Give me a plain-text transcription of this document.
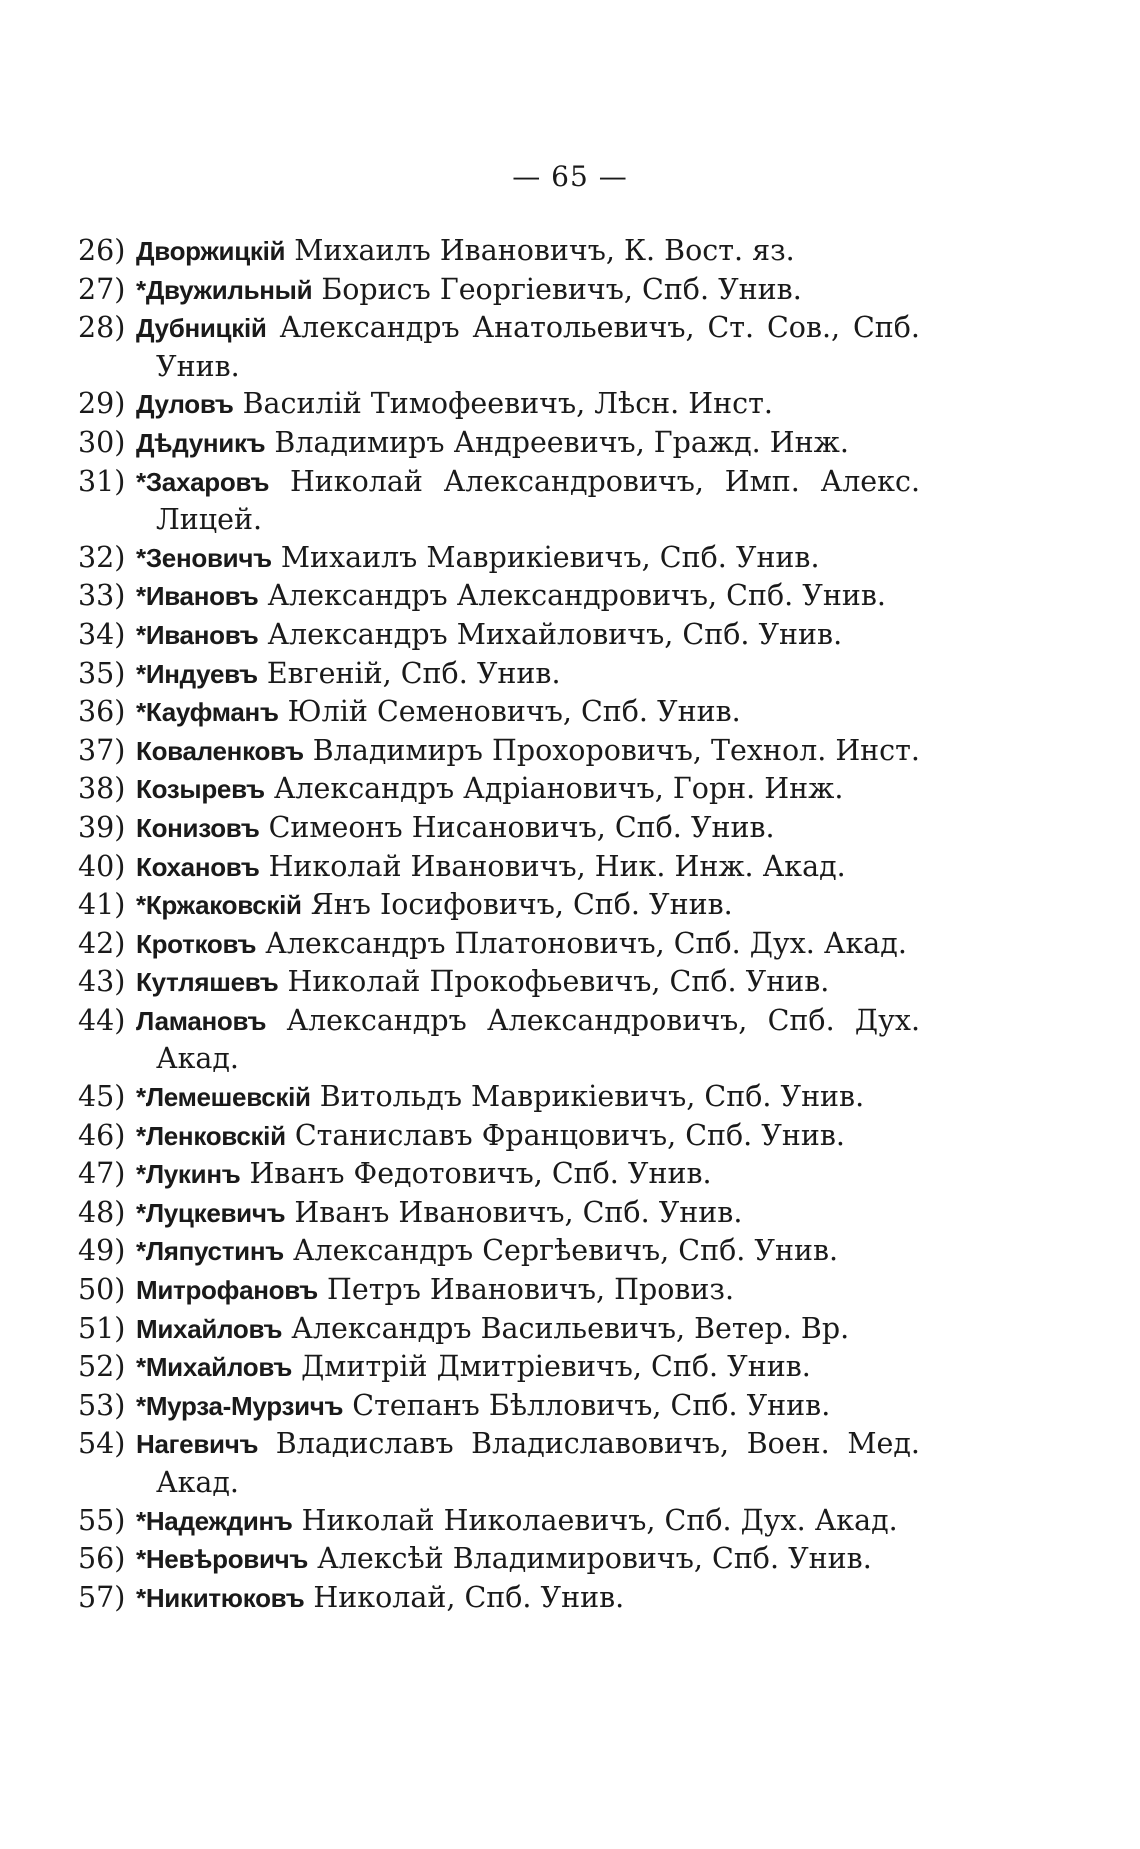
— 65 —
26) Дворжицкій Михаилъ Ивановичъ, К. Вост. яз.
27) *Двужильный Борисъ Георгіевичъ, Спб. Унив.
28) Дубницкій Александръ Анатольевичъ, Ст. Сов., Спб. Унив.
29) Дуловъ Василій Тимофеевичъ, Лѣсн. Инст.
30) Дѣдуникъ Владимиръ Андреевичъ, Гражд. Инж.
31) *Захаровъ Николай Александровичъ, Имп. Алекс. Лицей.
32) *Зеновичъ Михаилъ Маврикіевичъ, Спб. Унив.
33) *Ивановъ Александръ Александровичъ, Спб. Унив.
34) *Ивановъ Александръ Михайловичъ, Спб. Унив.
35) *Индуевъ Евгеній, Спб. Унив.
36) *Кауфманъ Юлій Семеновичъ, Спб. Унив.
37) Коваленковъ Владимиръ Прохоровичъ, Технол. Инст.
38) Козыревъ Александръ Адріановичъ, Горн. Инж.
39) Конизовъ Симеонъ Нисановичъ, Спб. Унив.
40) Кохановъ Николай Ивановичъ, Ник. Инж. Акад.
41) *Кржаковскій Янъ Іосифовичъ, Спб. Унив.
42) Кротковъ Александръ Платоновичъ, Спб. Дух. Акад.
43) Кутляшевъ Николай Прокофьевичъ, Спб. Унив.
44) Ламановъ Александръ Александровичъ, Спб. Дух. Акад.
45) *Лемешевскій Витольдъ Маврикіевичъ, Спб. Унив.
46) *Ленковскій Станиславъ Францовичъ, Спб. Унив.
47) *Лукинъ Иванъ Федотовичъ, Спб. Унив.
48) *Луцкевичъ Иванъ Ивановичъ, Спб. Унив.
49) *Ляпустинъ Александръ Сергѣевичъ, Спб. Унив.
50) Митрофановъ Петръ Ивановичъ, Провиз.
51) Михайловъ Александръ Васильевичъ, Ветер. Вр.
52) *Михайловъ Дмитрій Дмитріевичъ, Спб. Унив.
53) *Мурза-Мурзичъ Степанъ Бѣлловичъ, Спб. Унив.
54) Нагевичъ Владиславъ Владиславовичъ, Воен. Мед. Акад.
55) *Надеждинъ Николай Николаевичъ, Спб. Дух. Акад.
56) *Невѣровичъ Алексѣй Владимировичъ, Спб. Унив.
57) *Никитюковъ Николай, Спб. Унив.
